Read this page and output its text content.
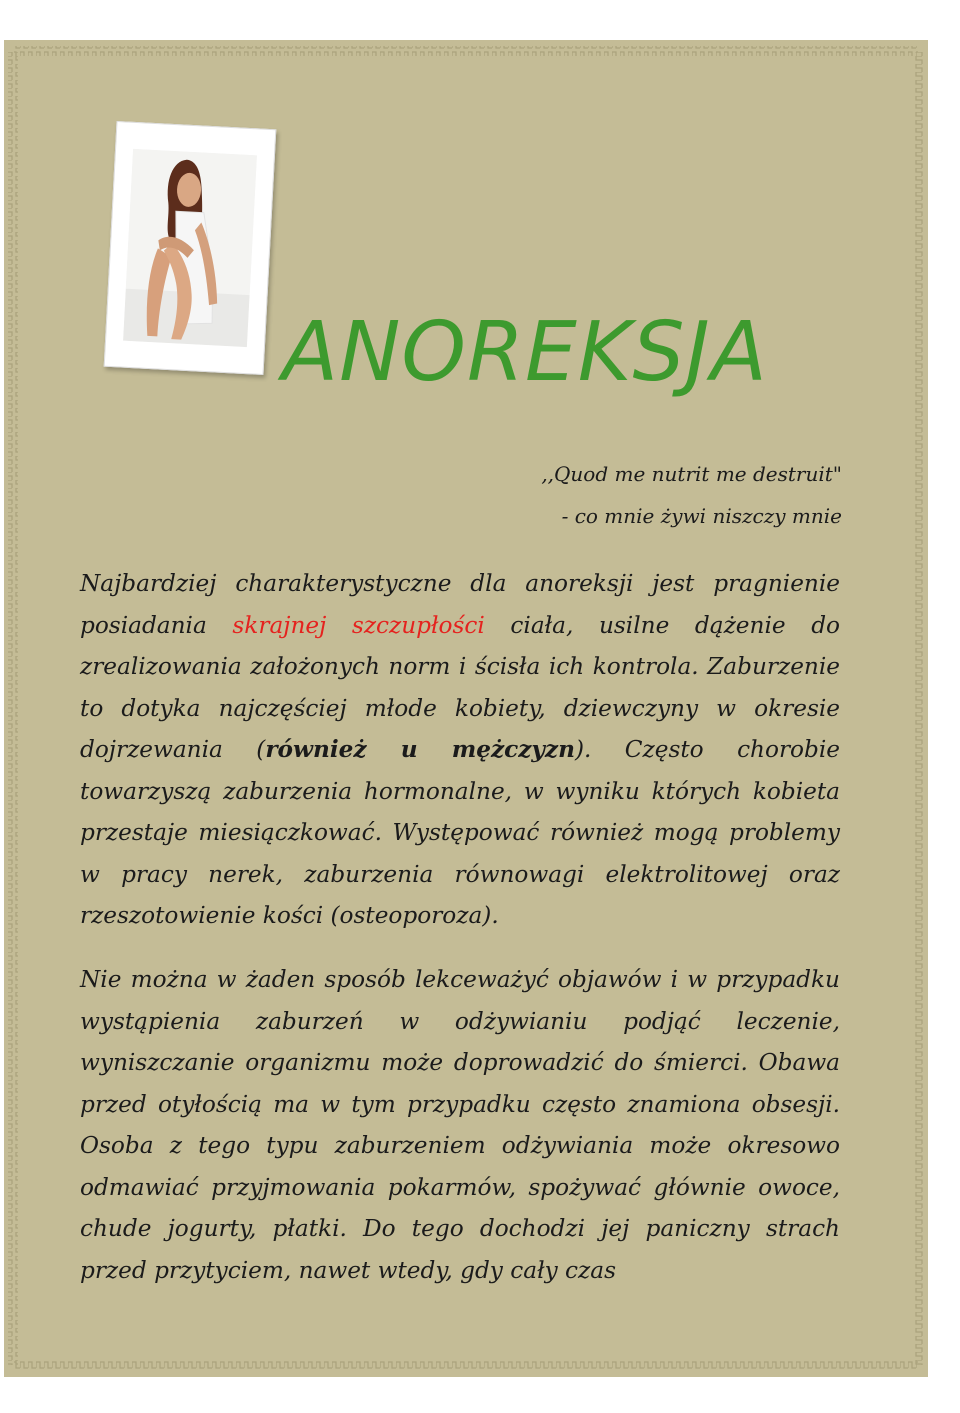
ANOREKSJA
,,Quod me nutrit me destruit"
- co mnie żywi niszczy mnie
Najbardziej charakterystyczne dla anoreksji jest pragnienie posiadania skrajnej szczupłości ciała, usilne dążenie do zrealizowania założonych norm i ścisła ich kontrola. Zaburzenie to dotyka najczęściej młode kobiety, dziewczyny w okresie dojrzewania (również u mężczyzn). Często chorobie towarzyszą zaburzenia hormonalne, w wyniku których kobieta przestaje miesiączkować. Występować również mogą problemy w pracy nerek, zaburzenia równowagi elektrolitowej oraz rzeszotowienie kości (osteoporoza).
Nie można w żaden sposób lekceważyć objawów i w przypadku wystąpienia zaburzeń w odżywianiu podjąć leczenie, wyniszczanie organizmu może doprowadzić do śmierci. Obawa przed otyłością ma w tym przypadku często znamiona obsesji. Osoba z tego typu zaburzeniem odżywiania może okresowo odmawiać przyjmowania pokarmów, spożywać głównie owoce, chude jogurty, płatki. Do tego dochodzi jej paniczny strach przed przytyciem, nawet wtedy, gdy cały czas
